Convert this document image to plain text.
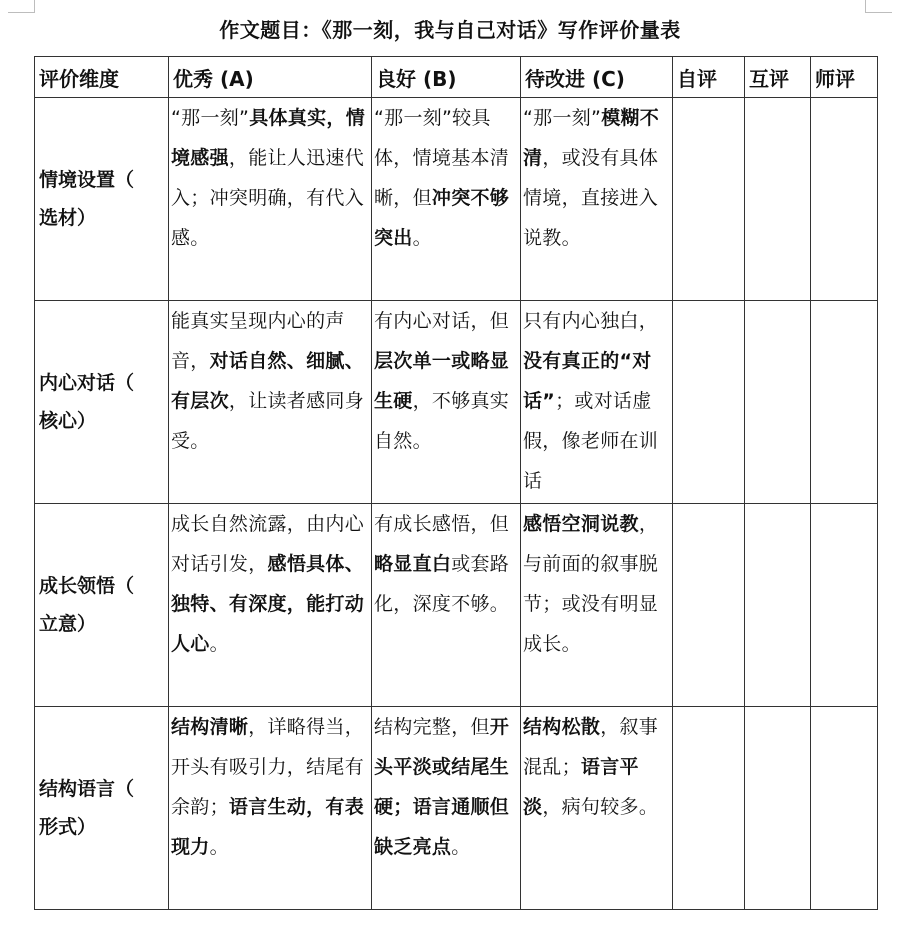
作文题目：《那一刻，我与自己对话》写作评价量表
评价维度	优秀 (A)	良好 (B)	待改进 (C)	自评	互评	师评

情境设置（
选材）	“那一刻”具体真实，情境感强，能让人迅速代入；冲突明确，有代入感。	“那一刻”较具体，情境基本清晰，但冲突不够突出。	“那一刻”模糊不清，或没有具体情境，直接进入说教。			

内心对话（
核心）	能真实呈现内心的声音，对话自然、细腻、有层次，让读者感同身受。	有内心对话，但层次单一或略显生硬，不够真实自然。	只有内心独白，没有真正的“对话”；或对话虚假，像老师在训话			

成长领悟（
立意）	成长自然流露，由内心对话引发，感悟具体、独特、有深度，能打动人心。	有成长感悟，但略显直白或套路化，深度不够。	感悟空洞说教，与前面的叙事脱节；或没有明显成长。			

结构语言（
形式）	结构清晰，详略得当，开头有吸引力，结尾有余韵；语言生动，有表现力。	结构完整，但开头平淡或结尾生硬；语言通顺但缺乏亮点。	结构松散，叙事混乱；语言平淡，病句较多。			
